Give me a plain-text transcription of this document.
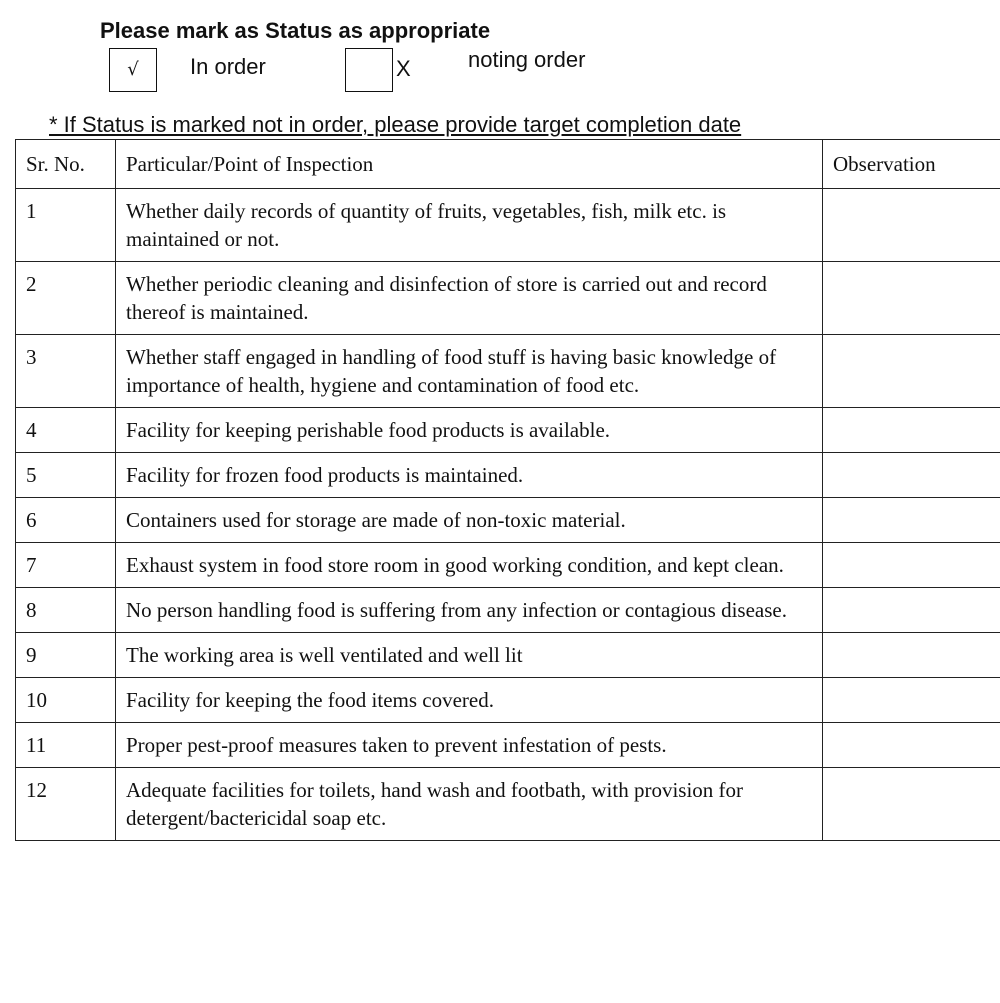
Please mark as Status as appropriate
√	In order	X	noting order
* If Status is marked not in order, please provide target completion date
Sr. No.	Particular/Point of Inspection	Observation
1	Whether daily records of quantity of fruits, vegetables, fish, milk etc. is maintained or not.	
2	Whether periodic cleaning and disinfection of store is carried out and record thereof is maintained.	
3	Whether staff engaged in handling of food stuff is having basic knowledge of importance of health, hygiene and contamination of food etc.	
4	Facility for keeping perishable food products is available.	
5	Facility for frozen food products is maintained.	
6	Containers used for storage are made of non-toxic material.	
7	Exhaust system in food store room in good working condition, and kept clean.	
8	No person handling food is suffering from any infection or contagious disease.	
9	The working area is well ventilated and well lit	
10	Facility for keeping the food items covered.	
11	Proper pest-proof measures taken to prevent infestation of pests.	
12	Adequate facilities for toilets, hand wash and footbath, with provision for detergent/bactericidal soap etc.	
